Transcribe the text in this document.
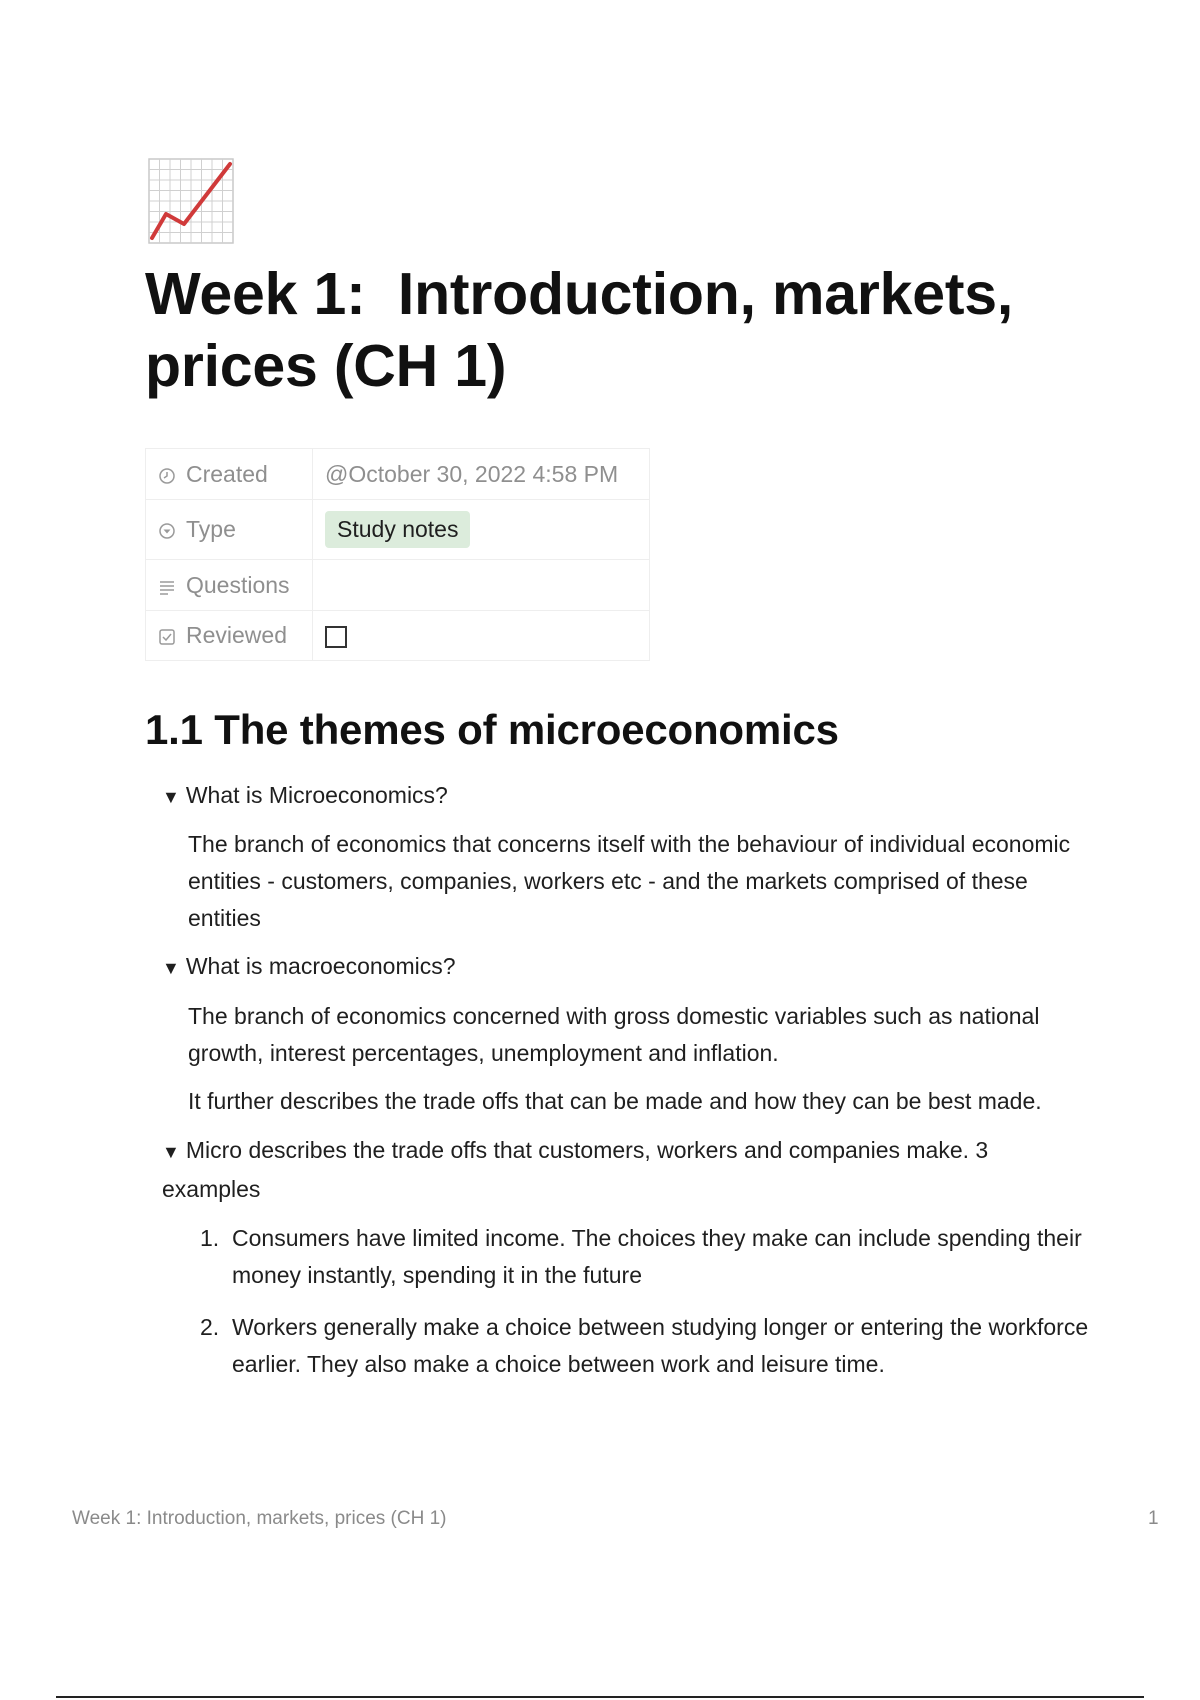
Week 1:  Introduction, markets, prices (CH 1)
Created	@October 30, 2022 4:58 PM
Type	Study notes
Questions	
Reviewed	
1.1 The themes of microeconomics
▼ What is Microeconomics?
The branch of economics that concerns itself with the behaviour of individual economic entities - customers, companies, workers etc - and the markets comprised of these entities
▼ What is macroeconomics?
The branch of economics concerned with gross domestic variables such as national growth, interest percentages, unemployment and inflation.
It further describes the trade offs that can be made and how they can be best made.
▼ Micro describes the trade offs that customers, workers and companies make. 3 examples
1. Consumers have limited income. The choices they make can include spending their money instantly, spending it in the future
2. Workers generally make a choice between studying longer or entering the workforce earlier. They also make a choice between work and leisure time.
Week 1: Introduction, markets, prices (CH 1)	1
